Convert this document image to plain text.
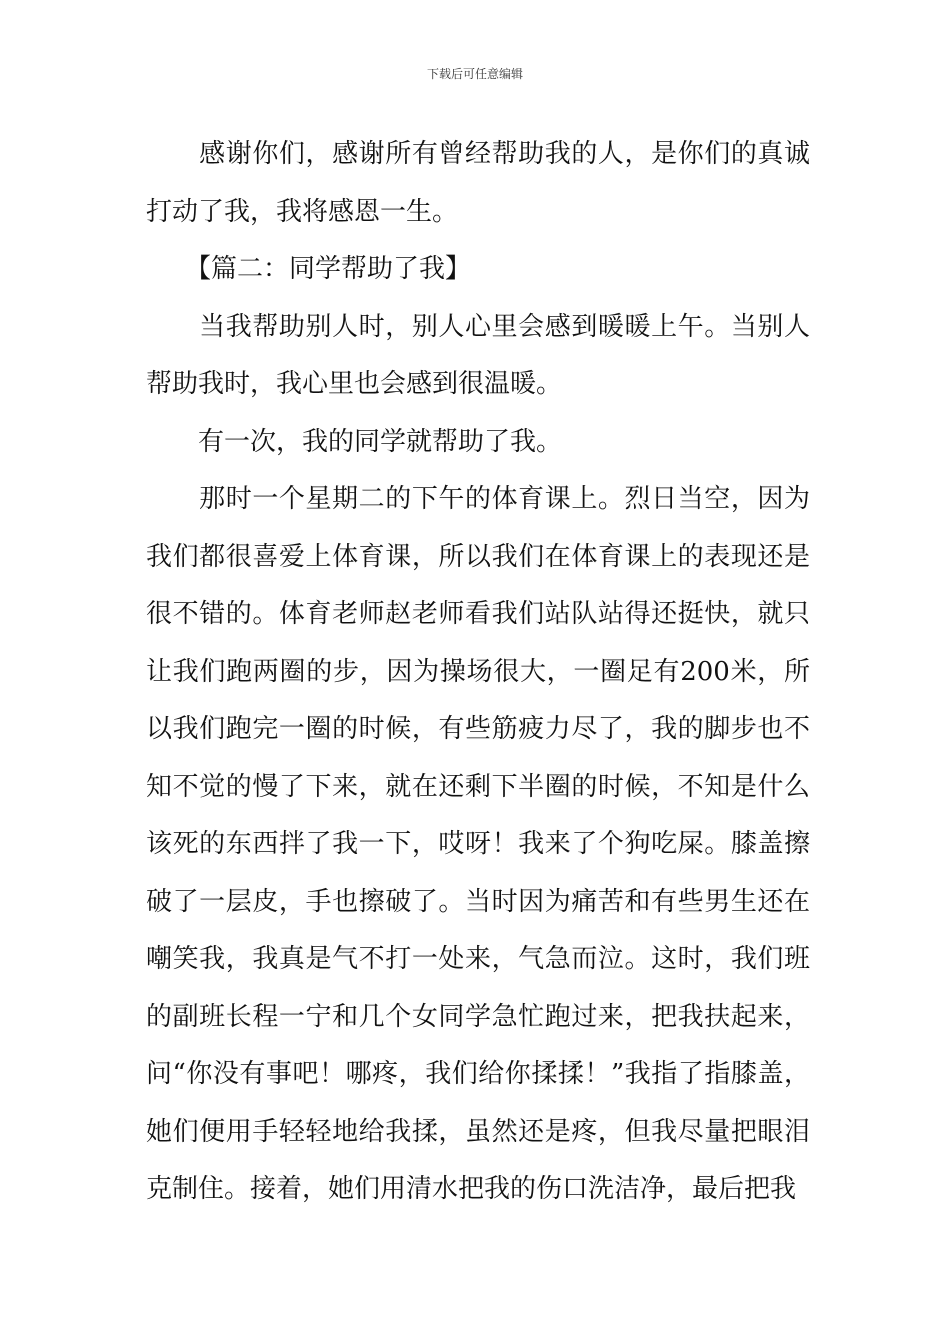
下载后可任意编辑

　　感谢你们，感谢所有曾经帮助我的人，是你们的真诚打动了我，我将感恩一生。

　　【篇二：同学帮助了我】

　　当我帮助别人时，别人心里会感到暖暖上午。当别人帮助我时，我心里也会感到很温暖。

　　有一次，我的同学就帮助了我。

　　那时一个星期二的下午的体育课上。烈日当空，因为我们都很喜爱上体育课，所以我们在体育课上的表现还是很不错的。体育老师赵老师看我们站队站得还挺快，就只让我们跑两圈的步，因为操场很大，一圈足有200米，所以我们跑完一圈的时候，有些筋疲力尽了，我的脚步也不知不觉的慢了下来，就在还剩下半圈的时候，不知是什么该死的东西拌了我一下，哎呀！我来了个狗吃屎。膝盖擦破了一层皮，手也擦破了。当时因为痛苦和有些男生还在嘲笑我，我真是气不打一处来，气急而泣。这时，我们班的副班长程一宁和几个女同学急忙跑过来，把我扶起来，问“你没有事吧！哪疼，我们给你揉揉！”我指了指膝盖，她们便用手轻轻地给我揉，虽然还是疼，但我尽量把眼泪克制住。接着，她们用清水把我的伤口洗洁净，最后把我
